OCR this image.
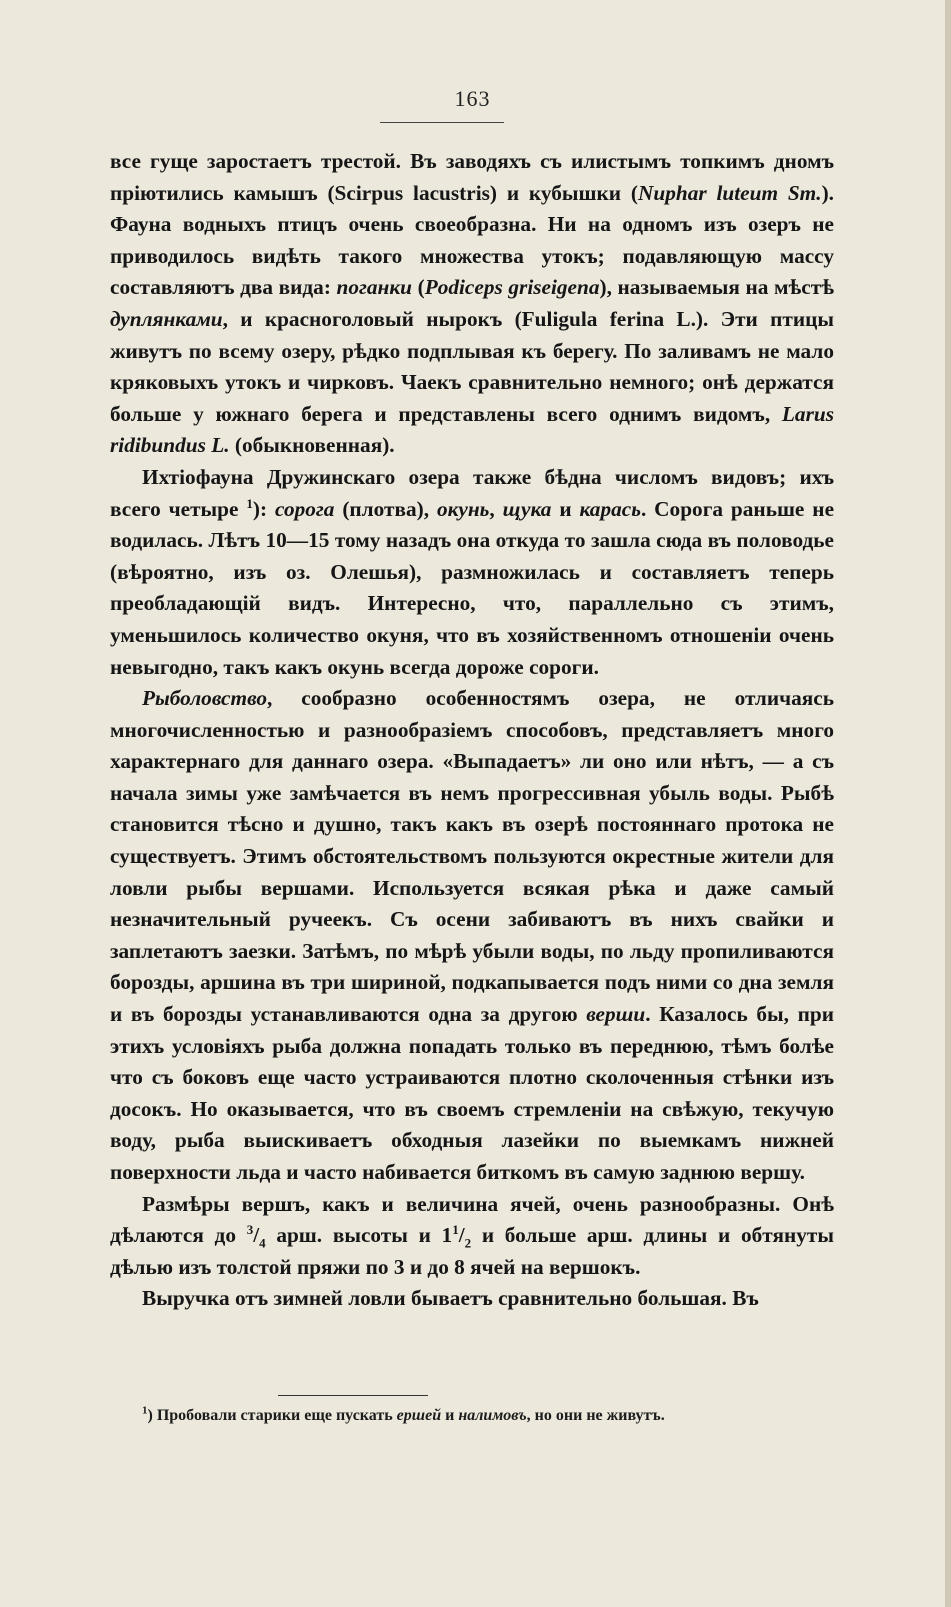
163

все гуще заростаетъ трестой. Въ заводяхъ съ илистымъ топкимъ дномъ прiютились камышъ (Scirpus lacustris) и кубышки (Nuphar luteum Sm.). Фауна водныхъ птицъ очень своеобразна. Ни на одномъ изъ озеръ не приводилось видѣть такого множества утокъ; подавляющую массу составляютъ два вида: поганки (Podiceps griseigena), называемыя на мѣстѣ дуплянками, и красноголовый нырокъ (Fuligula ferina L.). Эти птицы живутъ по всему озеру, рѣдко подплывая къ берегу. По заливамъ не мало кряковыхъ утокъ и чирковъ. Чаекъ сравнительно немного; онѣ держатся больше у южнаго берега и представлены всего однимъ видомъ, Larus ridibundus L. (обыкновенная).

Ихтiофауна Дружинскаго озера также бѣдна числомъ видовъ; ихъ всего четыре $^1$): сорога (плотва), окунь, щука и карась. Сорога раньше не водилась. Лѣтъ 10—15 тому назадъ она откуда то зашла сюда въ половодье (вѣроятно, изъ оз. Олешья), размножилась и составляетъ теперь преобладающiй видъ. Интересно, что, параллельно съ этимъ, уменьшилось количество окуня, что въ хозяйственномъ отношенiи очень невыгодно, такъ какъ окунь всегда дороже сороги.

Рыболовство, сообразно особенностямъ озера, не отличаясь многочисленностью и разнообразiемъ способовъ, представляетъ много характернаго для даннаго озера. «Выпадаетъ» ли оно или нѣтъ, — а съ начала зимы уже замѣчается въ немъ прогрессивная убыль воды. Рыбѣ становится тѣсно и душно, такъ какъ въ озерѣ постояннаго протока не существуетъ. Этимъ обстоятельствомъ пользуются окрестные жители для ловли рыбы вершами. Используется всякая рѣка и даже самый незначительный ручеекъ. Съ осени забиваютъ въ нихъ свайки и заплетаютъ заезки. Затѣмъ, по мѣрѣ убыли воды, по льду пропиливаются борозды, аршина въ три шириной, подкапывается подъ ними со дна земля и въ борозды устанавливаются одна за другою верши. Казалось бы, при этихъ условiяхъ рыба должна попадать только въ переднюю, тѣмъ болѣе что съ боковъ еще часто устраиваются плотно сколоченныя стѣнки изъ досокъ. Но оказывается, что въ своемъ стремленiи на свѣжую, текучую воду, рыба выискиваетъ обходныя лазейки по выемкамъ нижней поверхности льда и часто набивается биткомъ въ самую заднюю вершу.

Размѣры вершъ, какъ и величина ячей, очень разнообразны. Онѣ дѣлаются до $^3/_4$ арш. высоты и $1^1/_2$ и больше арш. длины и обтянуты дѣлью изъ толстой пряжи по 3 и до 8 ячей на вершокъ.

Выручка отъ зимней ловли бываетъ сравнительно большая. Въ

$^1$) Пробовали старики еще пускать ершей и налимовъ, но они не живутъ.
